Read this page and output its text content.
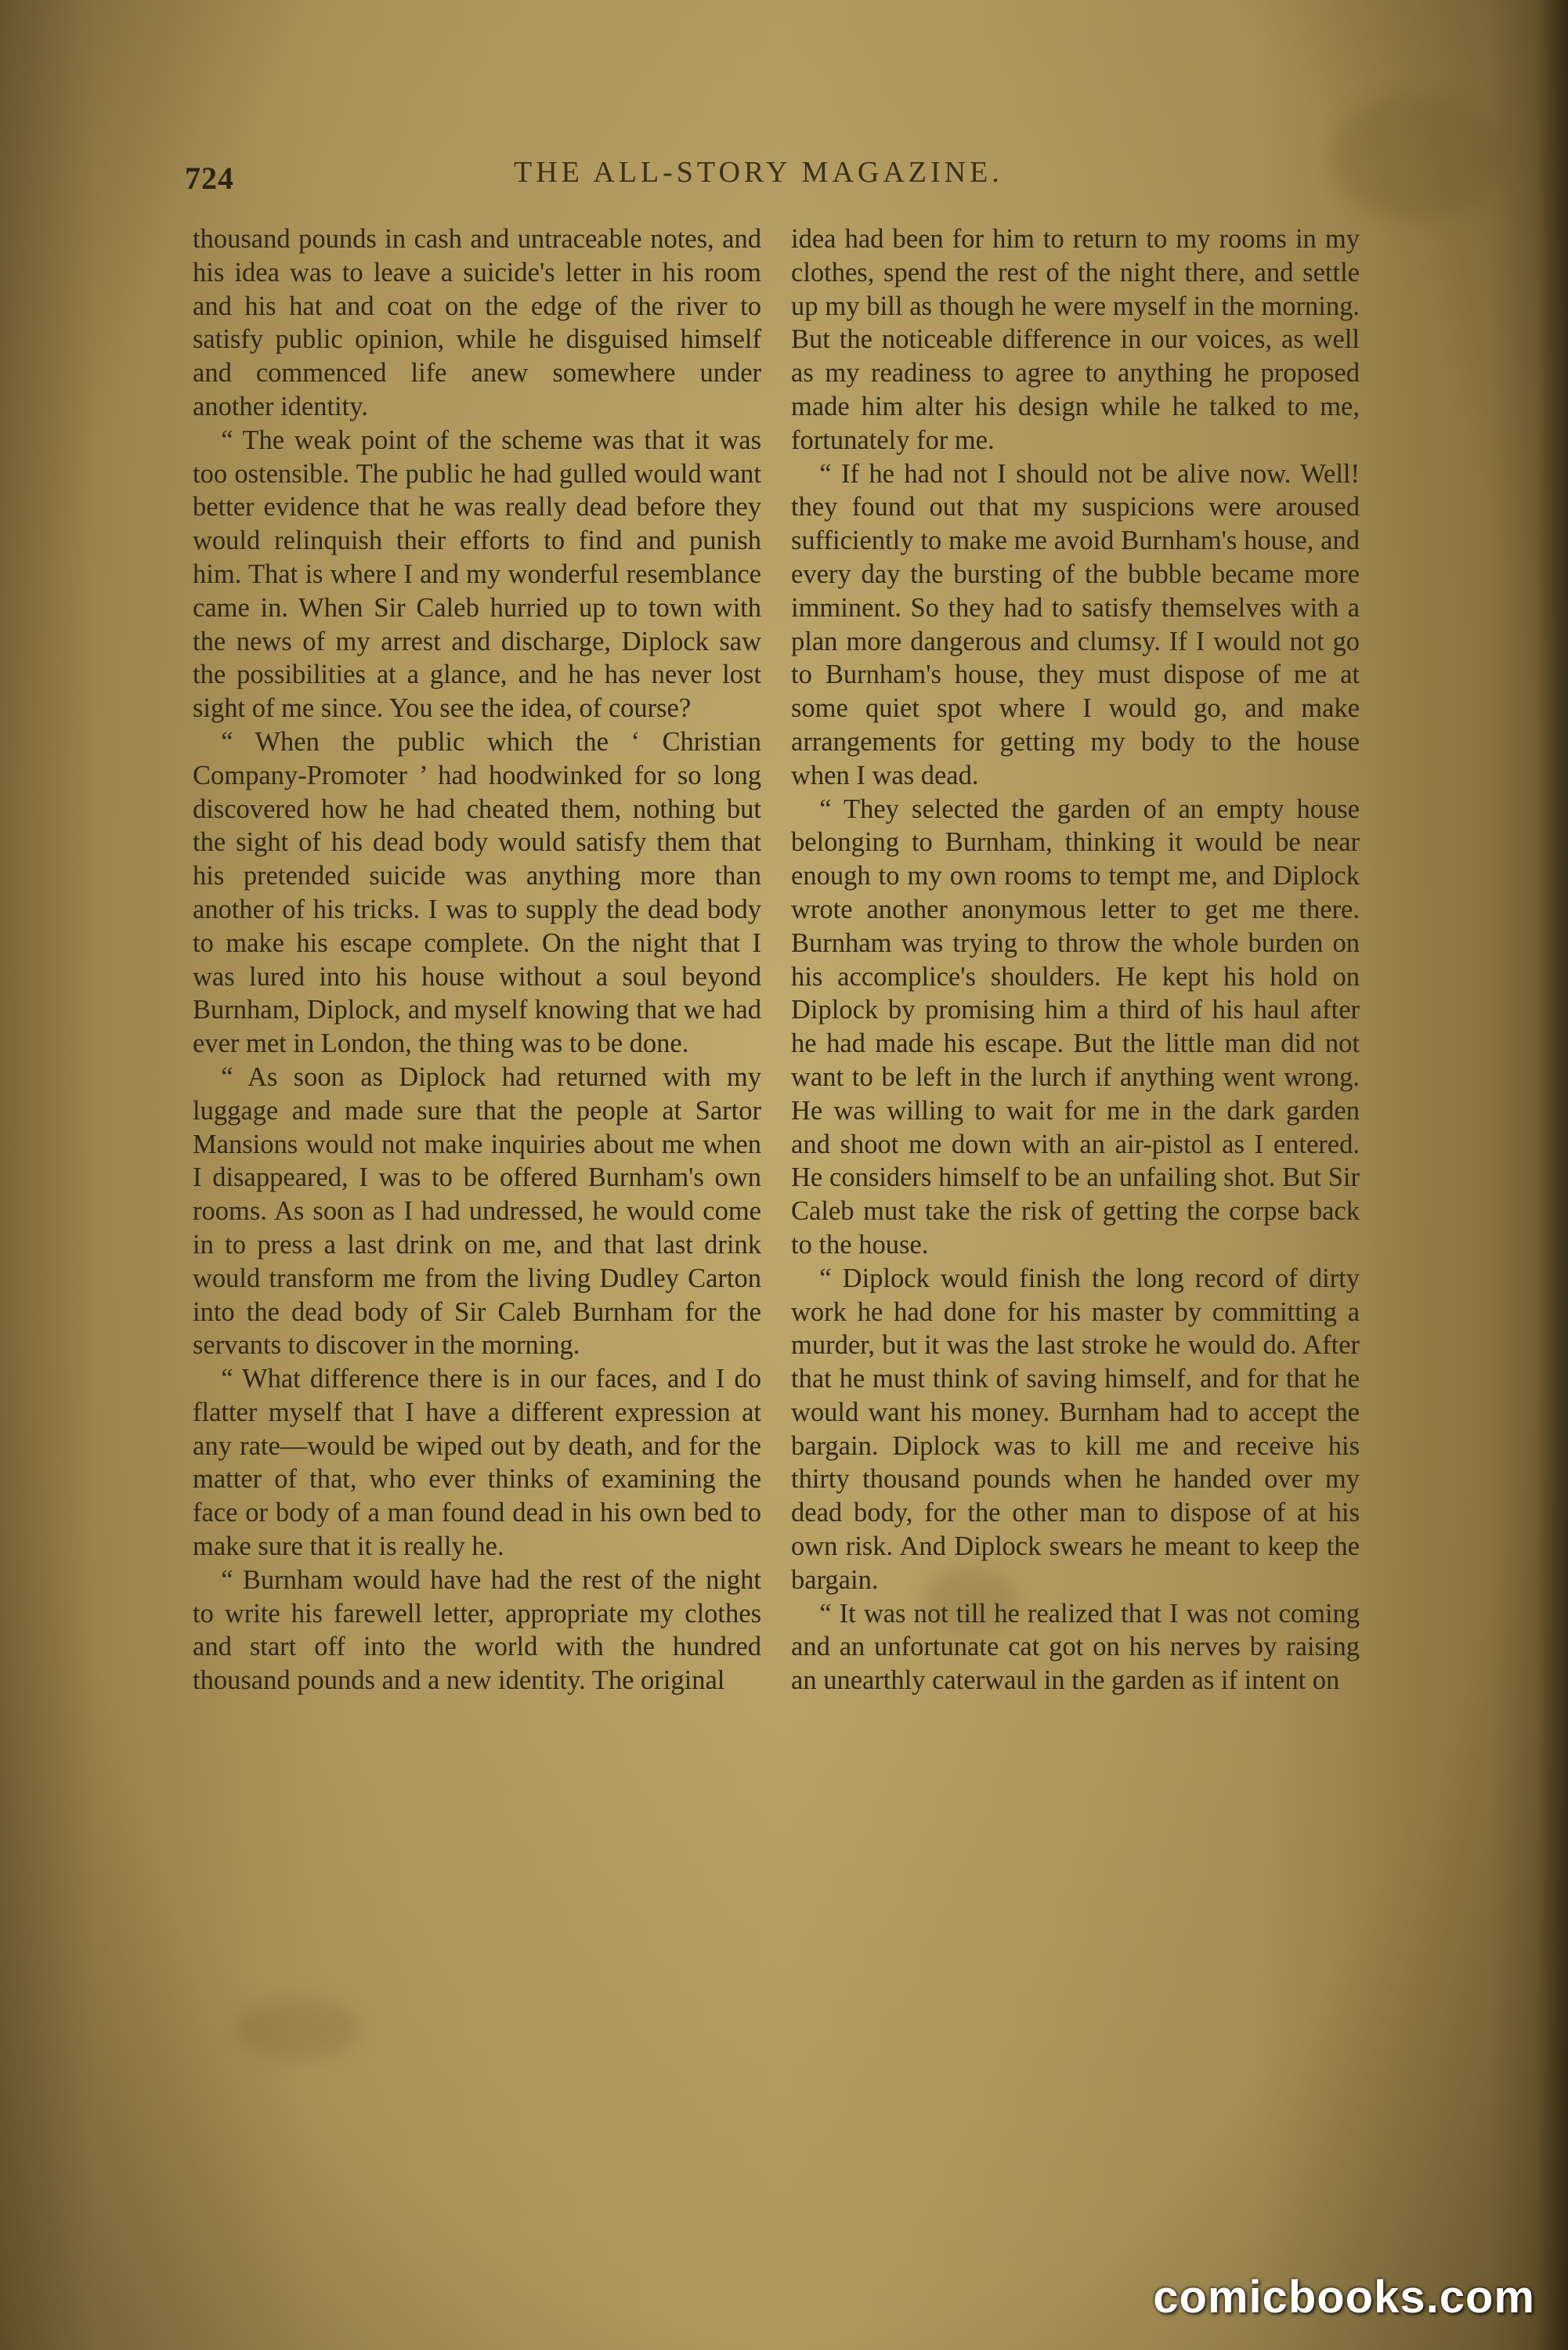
724	THE ALL-STORY MAGAZINE.

thousand pounds in cash and untraceable notes, and his idea was to leave a suicide's letter in his room and his hat and coat on the edge of the river to satisfy public opinion, while he disguised himself and commenced life anew somewhere under another identity.

“ The weak point of the scheme was that it was too ostensible. The public he had gulled would want better evidence that he was really dead before they would relinquish their efforts to find and punish him. That is where I and my wonderful resemblance came in. When Sir Caleb hurried up to town with the news of my arrest and discharge, Diplock saw the possibilities at a glance, and he has never lost sight of me since. You see the idea, of course?

“ When the public which the ‘ Christian Company-Promoter ’ had hoodwinked for so long discovered how he had cheated them, nothing but the sight of his dead body would satisfy them that his pretended suicide was anything more than another of his tricks. I was to supply the dead body to make his escape complete. On the night that I was lured into his house without a soul beyond Burnham, Diplock, and myself knowing that we had ever met in London, the thing was to be done.

“ As soon as Diplock had returned with my luggage and made sure that the people at Sartor Mansions would not make inquiries about me when I disappeared, I was to be offered Burnham's own rooms. As soon as I had undressed, he would come in to press a last drink on me, and that last drink would transform me from the living Dudley Carton into the dead body of Sir Caleb Burnham for the servants to discover in the morning.

“ What difference there is in our faces, and I do flatter myself that I have a different expression at any rate—would be wiped out by death, and for the matter of that, who ever thinks of examining the face or body of a man found dead in his own bed to make sure that it is really he.

“ Burnham would have had the rest of the night to write his farewell letter, appropriate my clothes and start off into the world with the hundred thousand pounds and a new identity. The original

idea had been for him to return to my rooms in my clothes, spend the rest of the night there, and settle up my bill as though he were myself in the morning. But the noticeable difference in our voices, as well as my readiness to agree to anything he proposed made him alter his design while he talked to me, fortunately for me.

“ If he had not I should not be alive now. Well! they found out that my suspicions were aroused sufficiently to make me avoid Burnham's house, and every day the bursting of the bubble became more imminent. So they had to satisfy themselves with a plan more dangerous and clumsy. If I would not go to Burnham's house, they must dispose of me at some quiet spot where I would go, and make arrangements for getting my body to the house when I was dead.

“ They selected the garden of an empty house belonging to Burnham, thinking it would be near enough to my own rooms to tempt me, and Diplock wrote another anonymous letter to get me there. Burnham was trying to throw the whole burden on his accomplice's shoulders. He kept his hold on Diplock by promising him a third of his haul after he had made his escape. But the little man did not want to be left in the lurch if anything went wrong. He was willing to wait for me in the dark garden and shoot me down with an air-pistol as I entered. He considers himself to be an unfailing shot. But Sir Caleb must take the risk of getting the corpse back to the house.

“ Diplock would finish the long record of dirty work he had done for his master by committing a murder, but it was the last stroke he would do. After that he must think of saving himself, and for that he would want his money. Burnham had to accept the bargain. Diplock was to kill me and receive his thirty thousand pounds when he handed over my dead body, for the other man to dispose of at his own risk. And Diplock swears he meant to keep the bargain.

“ It was not till he realized that I was not coming and an unfortunate cat got on his nerves by raising an unearthly caterwaul in the garden as if intent on

comicbooks.com
